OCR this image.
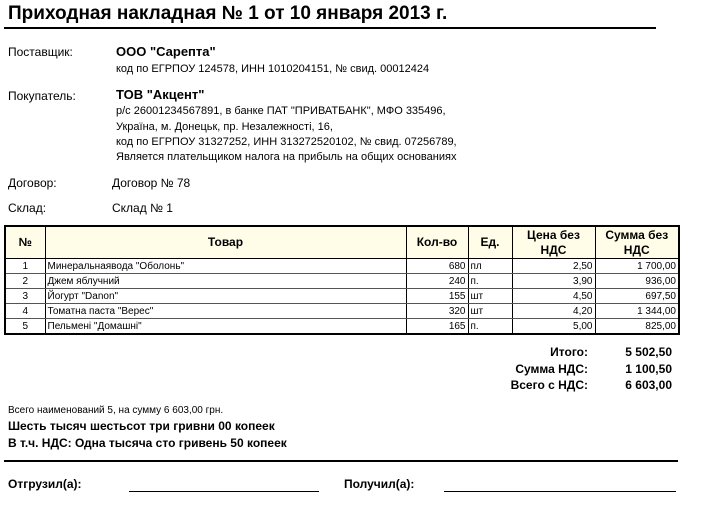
Приходная накладная № 1 от 10 января 2013 г.
Поставщик:	ООО "Сарепта"
код по ЕГРПОУ 124578, ИНН 1010204151, № свид. 00012424
Покупатель:	ТОВ "Акцент"
р/с 26001234567891, в банке ПАТ "ПРИВАТБАНК", МФО 335496,
Україна, м. Донецьк, пр. Незалежності, 16,
код по ЕГРПОУ 31327252, ИНН 313272520102, № свид. 07256789,
Является плательщиком налога на прибыль на общих основаниях
Договор:	Договор № 78
Склад:	Склад № 1
№	Товар	Кол-во	Ед.	Цена без НДС	Сумма без НДС
1	Минеральнаявода "Оболонь"	680	пл	2,50	1 700,00
2	Джем яблучний	240	п.	3,90	936,00
3	Йогурт "Danon"	155	шт	4,50	697,50
4	Томатна паста "Верес"	320	шт	4,20	1 344,00
5	Пельмені "Домашні"	165	п.	5,00	825,00
Итого:	5 502,50
Сумма НДС:	1 100,50
Всего с НДС:	6 603,00
Всего наименований 5, на сумму 6 603,00 грн.
Шесть тысяч шестьсот три гривни 00 копеек
В т.ч. НДС: Одна тысяча сто гривень 50 копеек
Отгрузил(а):	Получил(а):
